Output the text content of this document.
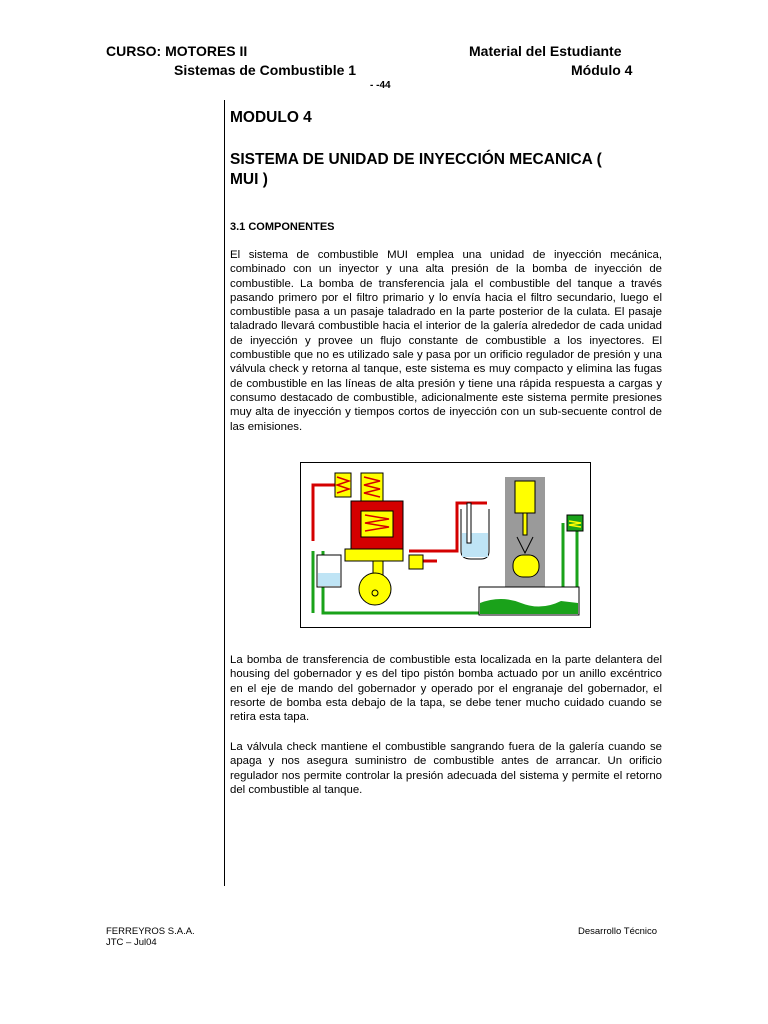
CURSO: MOTORES II
Sistemas de Combustible 1
Material del Estudiante
Módulo 4
- -44
MODULO 4
SISTEMA DE UNIDAD DE INYECCIÓN MECANICA (
MUI )
3.1 COMPONENTES

El sistema de combustible MUI emplea una unidad de inyección mecánica, combinado con un inyector y una alta presión de la bomba de inyección de combustible. La bomba de transferencia jala el combustible del tanque a través pasando primero por el filtro primario y lo envía hacia el filtro secundario, luego el combustible pasa a un pasaje taladrado en la parte posterior de la culata. El pasaje taladrado llevará combustible hacia el interior de la galería alrededor de cada unidad de inyección y provee un flujo constante de combustible a los inyectores. El combustible que no es utilizado sale y pasa por un orificio regulador de presión y una válvula check y retorna al tanque, este sistema es muy compacto y elimina las fugas de combustible en las líneas de alta presión y tiene una rápida respuesta a cargas y consumo destacado de combustible, adicionalmente este sistema permite presiones muy alta de inyección y tiempos cortos de inyección con un sub-secuente control de las emisiones.

La bomba de transferencia de combustible esta localizada en la parte delantera del housing del gobernador y es del tipo pistón bomba actuado por un anillo excéntrico en el eje de mando del gobernador y operado por el engranaje del gobernador, el resorte de bomba esta debajo de la tapa, se debe tener mucho cuidado cuando se retira esta tapa.

La válvula check mantiene el combustible sangrando fuera de la galería cuando se apaga y nos asegura suministro de combustible antes de arrancar. Un orificio regulador nos permite controlar la presión adecuada del sistema y permite el retorno del combustible al tanque.

FERREYROS S.A.A.
JTC – Jul04
Desarrollo Técnico
